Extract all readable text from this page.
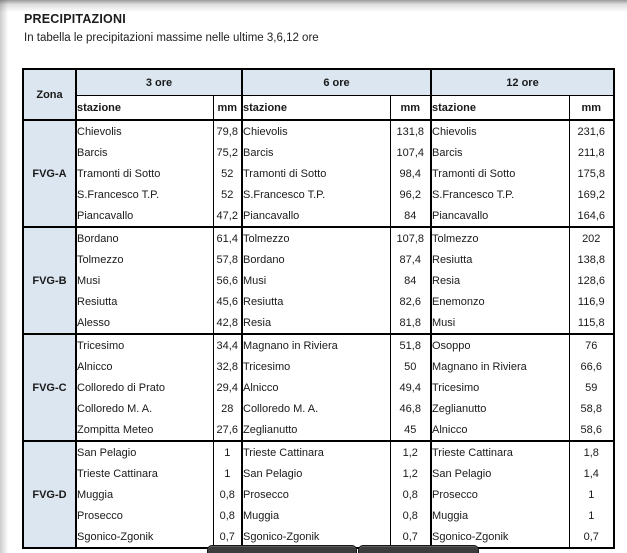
PRECIPITAZIONI
In tabella le precipitazioni massime nelle ultime 3,6,12 ore
Zona	3 ore		6 ore		12 ore	
	stazione	mm	stazione	mm	stazione	mm
FVG-A	Chievolis	79,8	Chievolis	131,8	Chievolis	231,6
	Barcis	75,2	Barcis	107,4	Barcis	211,8
	Tramonti di Sotto	52	Tramonti di Sotto	98,4	Tramonti di Sotto	175,8
	S.Francesco T.P.	52	S.Francesco T.P.	96,2	S.Francesco T.P.	169,2
	Piancavallo	47,2	Piancavallo	84	Piancavallo	164,6
FVG-B	Bordano	61,4	Tolmezzo	107,8	Tolmezzo	202
	Tolmezzo	57,8	Bordano	87,4	Resiutta	138,8
	Musi	56,6	Musi	84	Resia	128,6
	Resiutta	45,6	Resiutta	82,6	Enemonzo	116,9
	Alesso	42,8	Resia	81,8	Musi	115,8
FVG-C	Tricesimo	34,4	Magnano in Riviera	51,8	Osoppo	76
	Alnicco	32,8	Tricesimo	50	Magnano in Riviera	66,6
	Colloredo di Prato	29,4	Alnicco	49,4	Tricesimo	59
	Colloredo M. A.	28	Colloredo M. A.	46,8	Zeglianutto	58,8
	Zompitta Meteo	27,6	Zeglianutto	45	Alnicco	58,6
FVG-D	San Pelagio	1	Trieste Cattinara	1,2	Trieste Cattinara	1,8
	Trieste Cattinara	1	San Pelagio	1,2	San Pelagio	1,4
	Muggia	0,8	Prosecco	0,8	Prosecco	1
	Prosecco	0,8	Muggia	0,8	Muggia	1
	Sgonico-Zgonik	0,7	Sgonico-Zgonik	0,7	Sgonico-Zgonik	0,7
